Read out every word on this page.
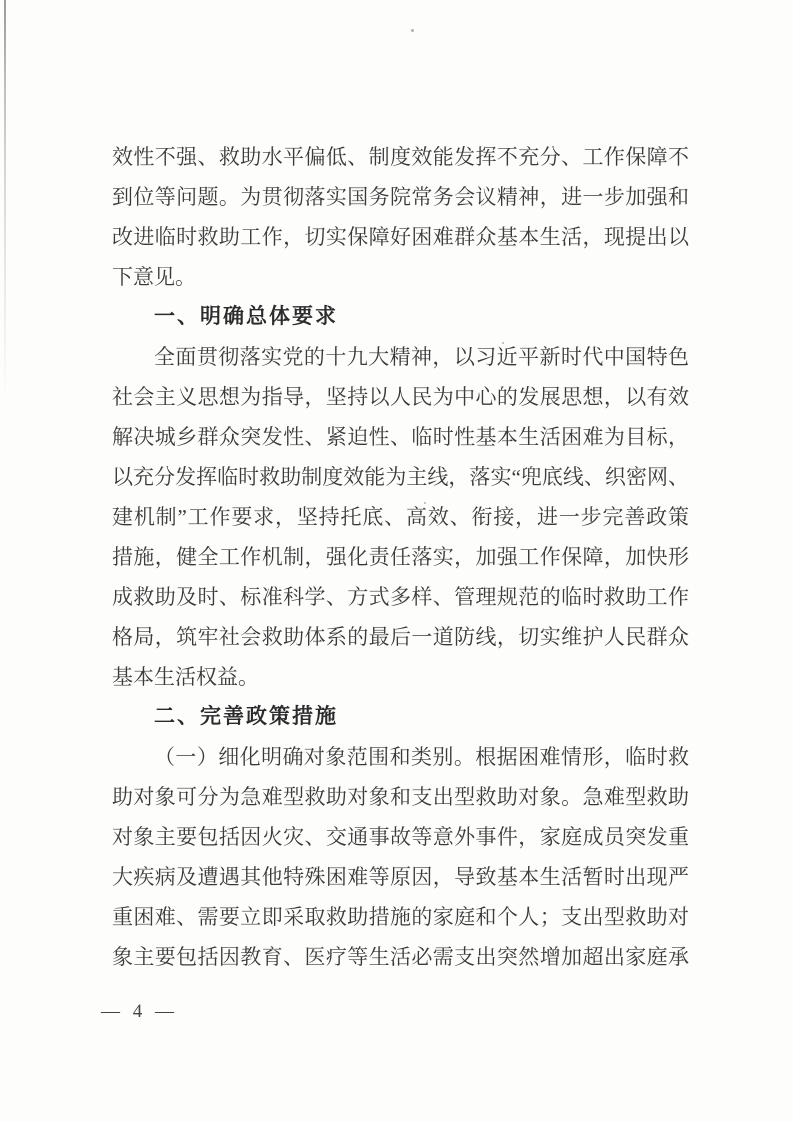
效性不强、救助水平偏低、制度效能发挥不充分、工作保障不
到位等问题。为贯彻落实国务院常务会议精神，进一步加强和
改进临时救助工作，切实保障好困难群众基本生活，现提出以
下意见。
一、明确总体要求
全面贯彻落实党的十九大精神，以习近平新时代中国特色
社会主义思想为指导，坚持以人民为中心的发展思想，以有效
解决城乡群众突发性、紧迫性、临时性基本生活困难为目标，
以充分发挥临时救助制度效能为主线，落实“兜底线、织密网、
建机制”工作要求，坚持托底、高效、衔接，进一步完善政策
措施，健全工作机制，强化责任落实，加强工作保障，加快形
成救助及时、标准科学、方式多样、管理规范的临时救助工作
格局，筑牢社会救助体系的最后一道防线，切实维护人民群众
基本生活权益。
二、完善政策措施
（一）细化明确对象范围和类别。根据困难情形，临时救
助对象可分为急难型救助对象和支出型救助对象。急难型救助
对象主要包括因火灾、交通事故等意外事件，家庭成员突发重
大疾病及遭遇其他特殊困难等原因，导致基本生活暂时出现严
重困难、需要立即采取救助措施的家庭和个人；支出型救助对
象主要包括因教育、医疗等生活必需支出突然增加超出家庭承
— 4 —
